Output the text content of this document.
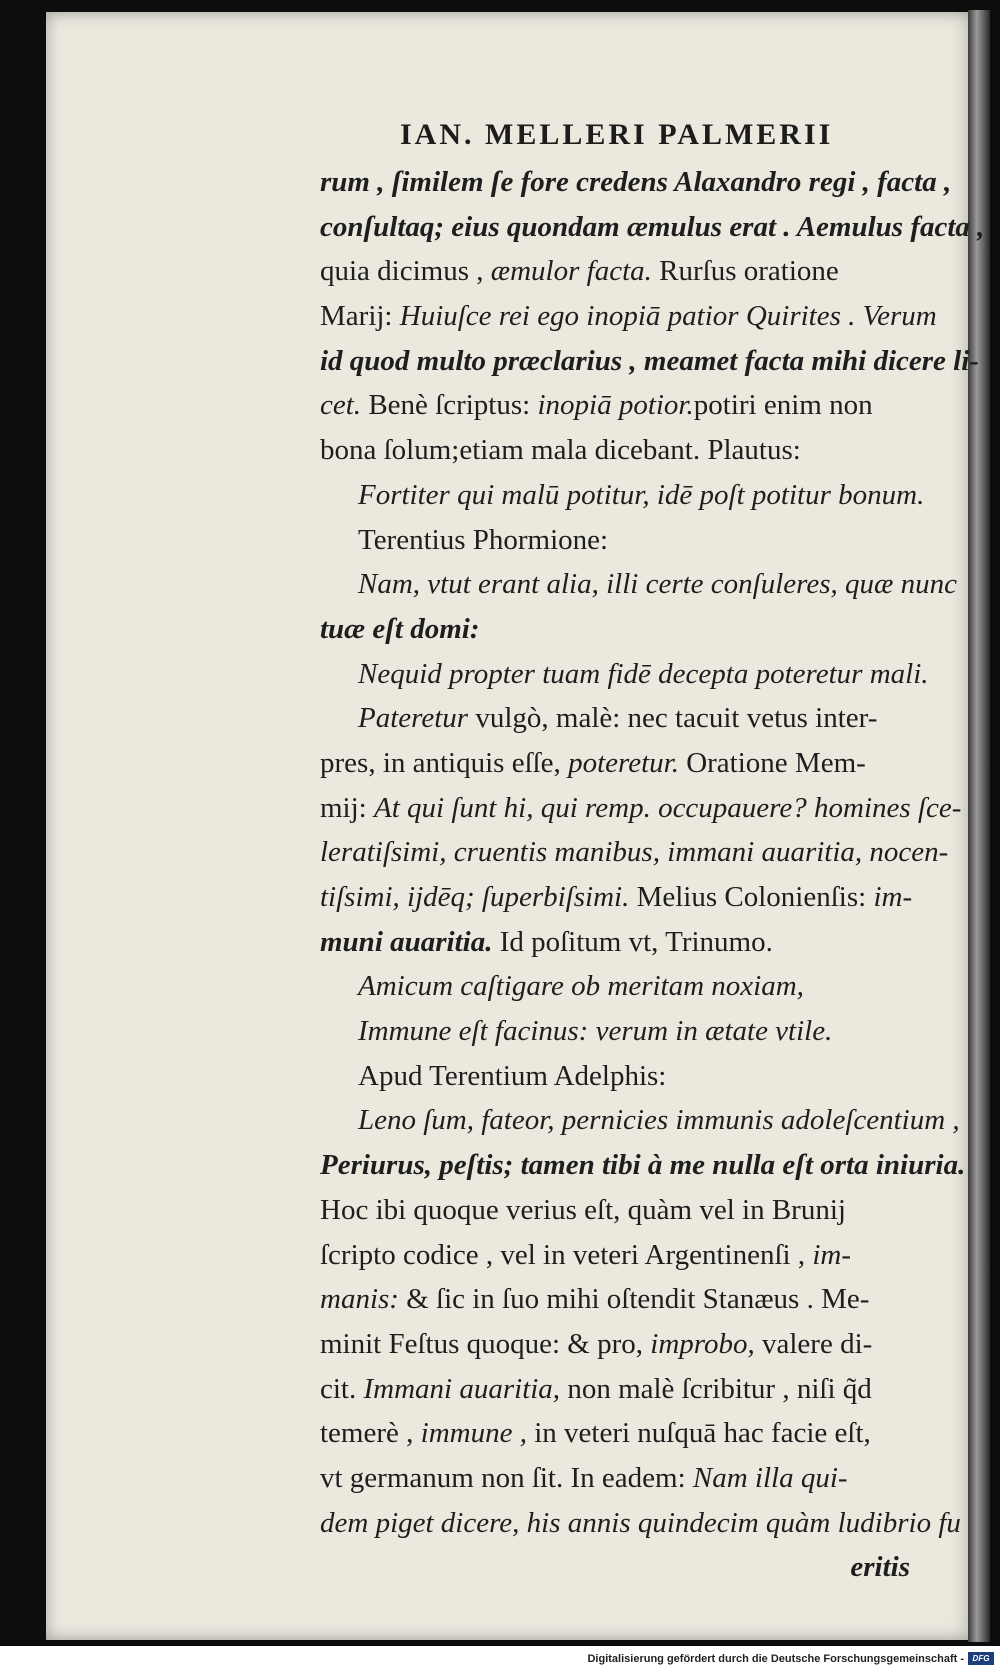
IAN. MELLERI PALMERII
rum , ſimilem ſe fore credens Alaxandro regi , facta ,
conſultaq; eius quondam æmulus erat . Aemulus facta ,
quia dicimus , æmulor facta. Rurſus oratione
Marij: Huiuſce rei ego inopiā patior Quirites . Verum
id quod multo præclarius , meamet facta mihi dicere li-
cet. Benè ſcriptus: inopiā potior.potiri enim non
bona ſolum;etiam mala dicebant. Plautus:
Fortiter qui malū potitur, idē poſt potitur bonum.
Terentius Phormione:
Nam, vtut erant alia, illi certe conſuleres, quæ nunc
tuæ eſt domi:
Nequid propter tuam fidē decepta poteretur mali.
Pateretur vulgò, malè: nec tacuit vetus inter-
pres, in antiquis eſſe, poteretur. Oratione Mem-
mij: At qui ſunt hi, qui remp. occupauere? homines ſce-
leratiſsimi, cruentis manibus, immani auaritia, nocen-
tiſsimi, ijdēq; ſuperbiſsimi. Melius Colonienſis: im-
muni auaritia. Id poſitum vt, Trinumo.
Amicum caſtigare ob meritam noxiam,
Immune eſt facinus: verum in ætate vtile.
Apud Terentium Adelphis:
Leno ſum, fateor, pernicies immunis adoleſcentium ,
Periurus, peſtis; tamen tibi à me nulla eſt orta iniuria.
Hoc ibi quoque verius eſt, quàm vel in Brunij
ſcripto codice , vel in veteri Argentinenſi , im-
manis: & ſic in ſuo mihi oſtendit Stanæus . Me-
minit Feſtus quoque: & pro, improbo, valere di-
cit. Immani auaritia, non malè ſcribitur , niſi q̃d
temerè , immune , in veteri nuſquā hac facie eſt,
vt germanum non ſit. In eadem: Nam illa qui-
dem piget dicere, his annis quindecim quàm ludibrio fu
eritis
Digitalisierung gefördert durch die Deutsche Forschungsgemeinschaft -	DFG
